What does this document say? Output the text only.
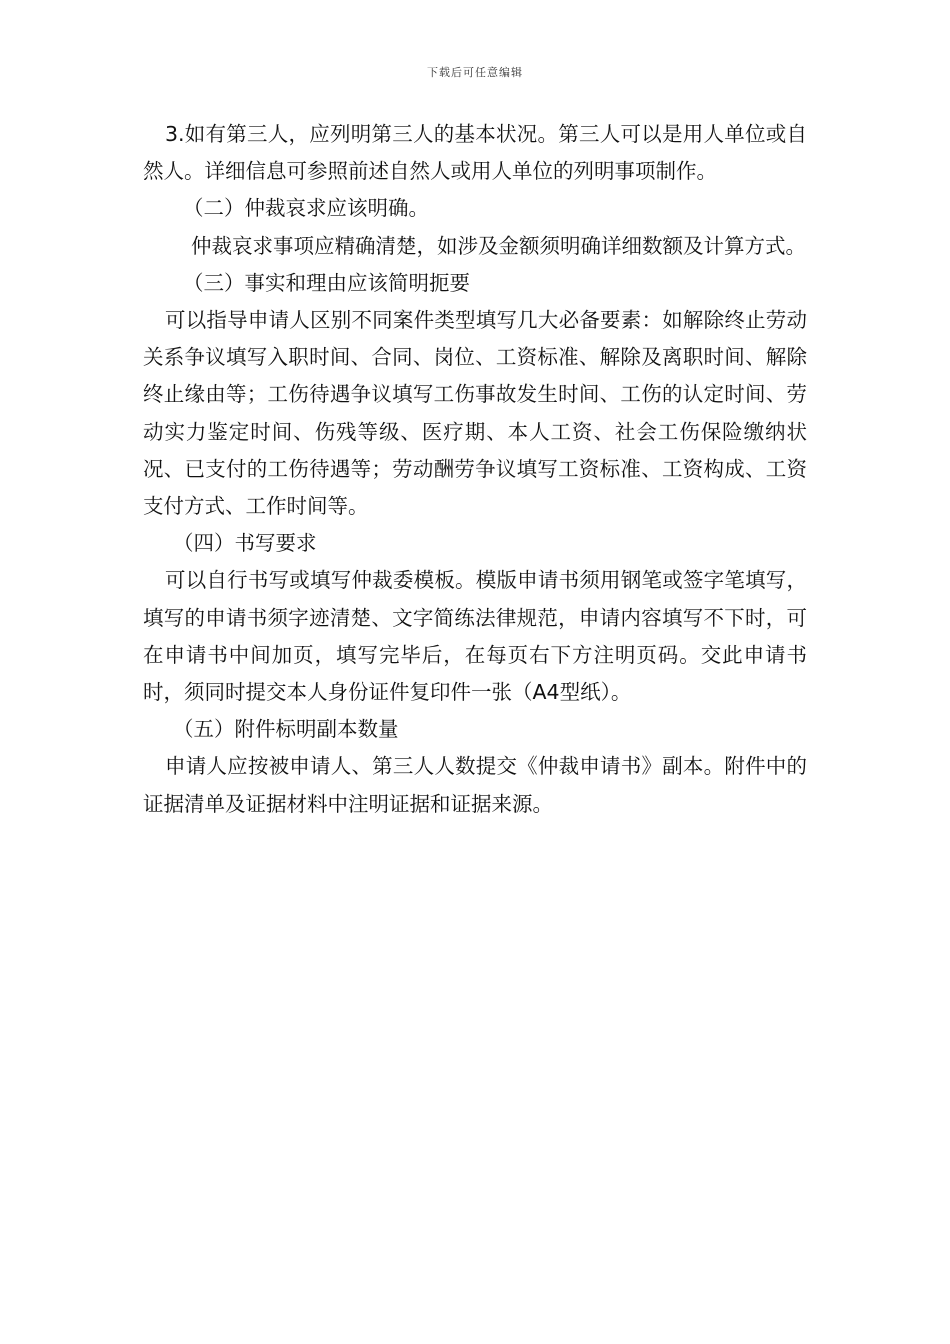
下载后可任意编辑

3.如有第三人，应列明第三人的基本状况。第三人可以是用人单位或自然人。详细信息可参照前述自然人或用人单位的列明事项制作。

（二）仲裁哀求应该明确。

仲裁哀求事项应精确清楚，如涉及金额须明确详细数额及计算方式。

（三）事实和理由应该简明扼要

可以指导申请人区别不同案件类型填写几大必备要素：如解除终止劳动关系争议填写入职时间、合同、岗位、工资标准、解除及离职时间、解除终止缘由等；工伤待遇争议填写工伤事故发生时间、工伤的认定时间、劳动实力鉴定时间、伤残等级、医疗期、本人工资、社会工伤保险缴纳状况、已支付的工伤待遇等；劳动酬劳争议填写工资标准、工资构成、工资支付方式、工作时间等。

（四）书写要求

可以自行书写或填写仲裁委模板。模版申请书须用钢笔或签字笔填写，填写的申请书须字迹清楚、文字简练法律规范，申请内容填写不下时，可在申请书中间加页，填写完毕后，在每页右下方注明页码。交此申请书时，须同时提交本人身份证件复印件一张（A4型纸）。

（五）附件标明副本数量

申请人应按被申请人、第三人人数提交《仲裁申请书》副本。附件中的证据清单及证据材料中注明证据和证据来源。
